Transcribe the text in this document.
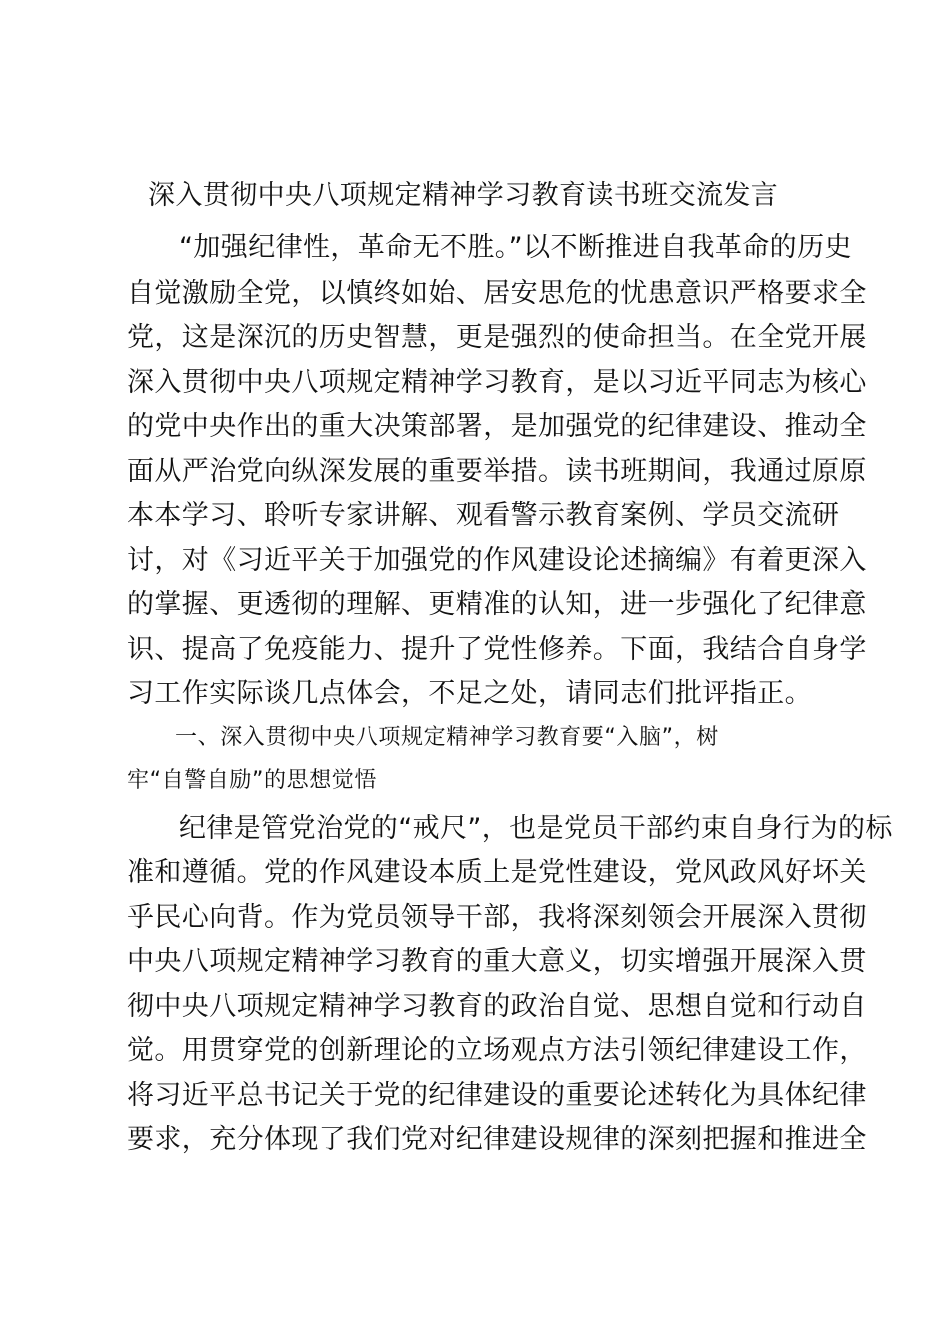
深入贯彻中央八项规定精神学习教育读书班交流发言

“加强纪律性，革命无不胜。”以不断推进自我革命的历史

自觉激励全党，以慎终如始、居安思危的忧患意识严格要求全

党，这是深沉的历史智慧，更是强烈的使命担当。在全党开展

深入贯彻中央八项规定精神学习教育，是以习近平同志为核心

的党中央作出的重大决策部署，是加强党的纪律建设、推动全

面从严治党向纵深发展的重要举措。读书班期间，我通过原原

本本学习、聆听专家讲解、观看警示教育案例、学员交流研

讨，对《习近平关于加强党的作风建设论述摘编》有着更深入

的掌握、更透彻的理解、更精准的认知，进一步强化了纪律意

识、提高了免疫能力、提升了党性修养。下面，我结合自身学

习工作实际谈几点体会，不足之处，请同志们批评指正。

一、深入贯彻中央八项规定精神学习教育要“入脑”，树

牢“自警自励”的思想觉悟

纪律是管党治党的“戒尺”，也是党员干部约束自身行为的标

准和遵循。党的作风建设本质上是党性建设，党风政风好坏关

乎民心向背。作为党员领导干部，我将深刻领会开展深入贯彻

中央八项规定精神学习教育的重大意义，切实增强开展深入贯

彻中央八项规定精神学习教育的政治自觉、思想自觉和行动自

觉。用贯穿党的创新理论的立场观点方法引领纪律建设工作，

将习近平总书记关于党的纪律建设的重要论述转化为具体纪律

要求，充分体现了我们党对纪律建设规律的深刻把握和推进全
